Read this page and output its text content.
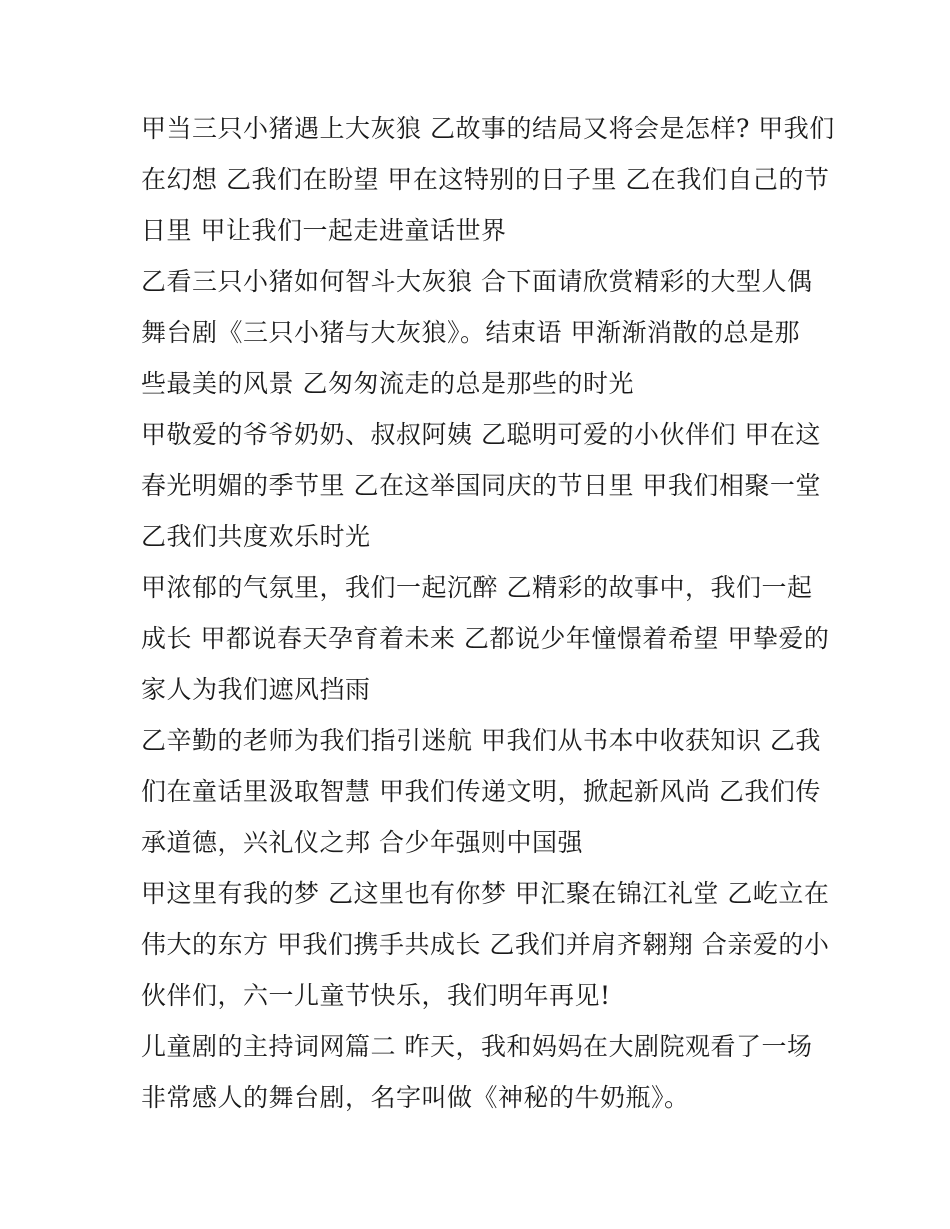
甲当三只小猪遇上大灰狼 乙故事的结局又将会是怎样? 甲我们
在幻想 乙我们在盼望 甲在这特别的日子里 乙在我们自己的节
日里 甲让我们一起走进童话世界
乙看三只小猪如何智斗大灰狼 合下面请欣赏精彩的大型人偶
舞台剧《三只小猪与大灰狼》。结束语 甲渐渐消散的总是那
些最美的风景 乙匆匆流走的总是那些的时光
甲敬爱的爷爷奶奶、叔叔阿姨 乙聪明可爱的小伙伴们 甲在这
春光明媚的季节里 乙在这举国同庆的节日里 甲我们相聚一堂
乙我们共度欢乐时光
甲浓郁的气氛里，我们一起沉醉 乙精彩的故事中，我们一起
成长 甲都说春天孕育着未来 乙都说少年憧憬着希望 甲挚爱的
家人为我们遮风挡雨
乙辛勤的老师为我们指引迷航 甲我们从书本中收获知识 乙我
们在童话里汲取智慧 甲我们传递文明，掀起新风尚 乙我们传
承道德，兴礼仪之邦 合少年强则中国强
甲这里有我的梦 乙这里也有你梦 甲汇聚在锦江礼堂 乙屹立在
伟大的东方 甲我们携手共成长 乙我们并肩齐翱翔 合亲爱的小
伙伴们，六一儿童节快乐，我们明年再见!
儿童剧的主持词网篇二 昨天，我和妈妈在大剧院观看了一场
非常感人的舞台剧，名字叫做《神秘的牛奶瓶》。
